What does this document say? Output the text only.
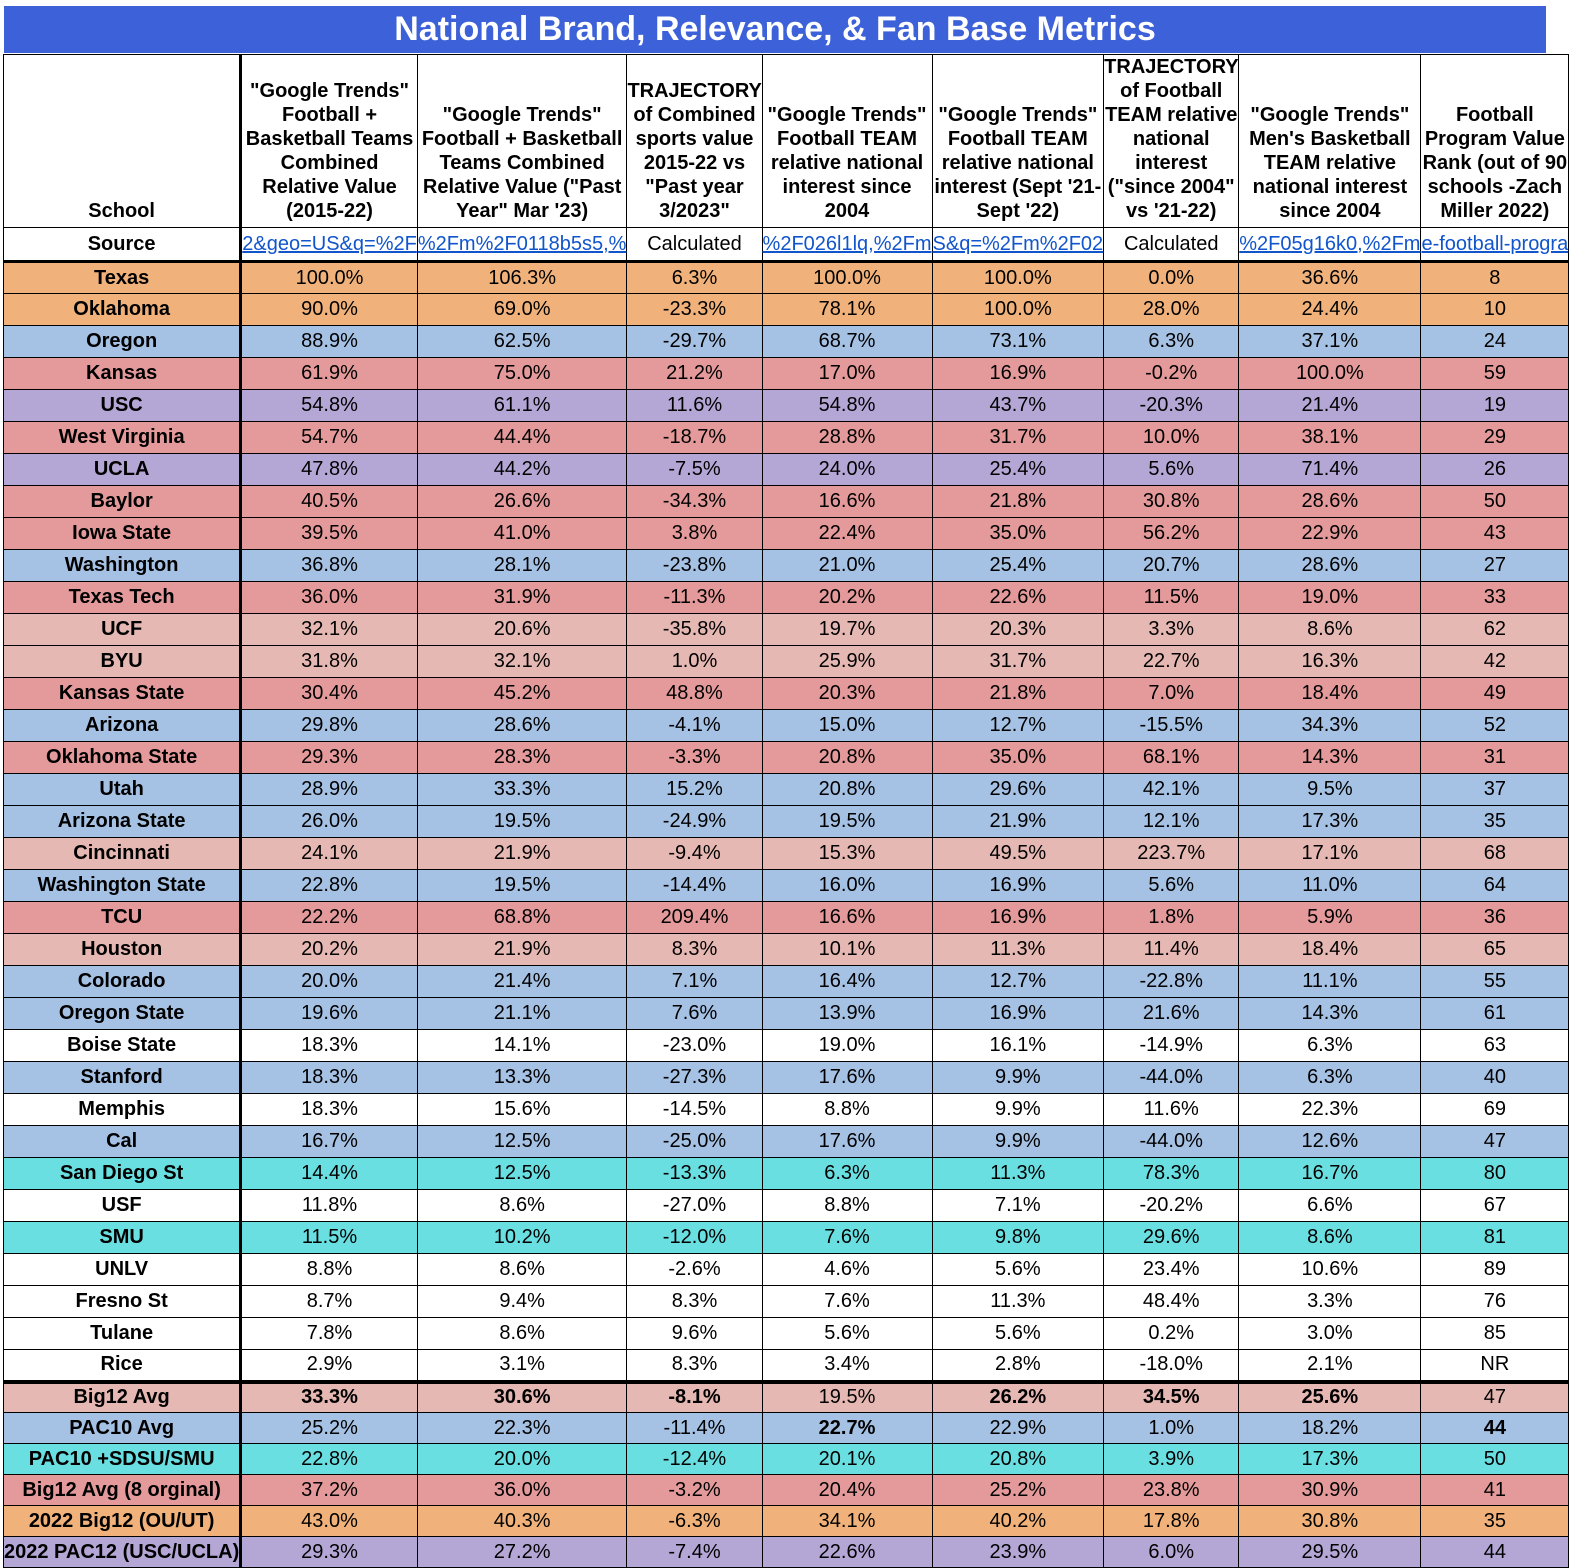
National Brand, Relevance, & Fan Base Metrics
School	"Google Trends" Football + Basketball Teams Combined Relative Value (2015-22)	"Google Trends" Football + Basketball Teams Combined Relative Value ("Past Year" Mar '23)	TRAJECTORY of Combined sports value 2015-22 vs "Past year 3/2023"	"Google Trends" Football TEAM relative national interest since 2004	"Google Trends" Football TEAM relative national interest (Sept '21-Sept '22)	TRAJECTORY of Football TEAM relative national interest ("since 2004" vs '21-22)	"Google Trends" Men's Basketball TEAM relative national interest since 2004	Football Program Value Rank (out of 90 schools -Zach Miller 2022)
Source	2&geo=US&q=%2F	%2Fm%2F0118b5s5,%	Calculated	%2F026l1lq,%2Fm	S&q=%2Fm%2F02	Calculated	%2F05g16k0,%2Fm	e-football-progra
Texas	100.0%	106.3%	6.3%	100.0%	100.0%	0.0%	36.6%	8
Oklahoma	90.0%	69.0%	-23.3%	78.1%	100.0%	28.0%	24.4%	10
Oregon	88.9%	62.5%	-29.7%	68.7%	73.1%	6.3%	37.1%	24
Kansas	61.9%	75.0%	21.2%	17.0%	16.9%	-0.2%	100.0%	59
USC	54.8%	61.1%	11.6%	54.8%	43.7%	-20.3%	21.4%	19
West Virginia	54.7%	44.4%	-18.7%	28.8%	31.7%	10.0%	38.1%	29
UCLA	47.8%	44.2%	-7.5%	24.0%	25.4%	5.6%	71.4%	26
Baylor	40.5%	26.6%	-34.3%	16.6%	21.8%	30.8%	28.6%	50
Iowa State	39.5%	41.0%	3.8%	22.4%	35.0%	56.2%	22.9%	43
Washington	36.8%	28.1%	-23.8%	21.0%	25.4%	20.7%	28.6%	27
Texas Tech	36.0%	31.9%	-11.3%	20.2%	22.6%	11.5%	19.0%	33
UCF	32.1%	20.6%	-35.8%	19.7%	20.3%	3.3%	8.6%	62
BYU	31.8%	32.1%	1.0%	25.9%	31.7%	22.7%	16.3%	42
Kansas State	30.4%	45.2%	48.8%	20.3%	21.8%	7.0%	18.4%	49
Arizona	29.8%	28.6%	-4.1%	15.0%	12.7%	-15.5%	34.3%	52
Oklahoma State	29.3%	28.3%	-3.3%	20.8%	35.0%	68.1%	14.3%	31
Utah	28.9%	33.3%	15.2%	20.8%	29.6%	42.1%	9.5%	37
Arizona State	26.0%	19.5%	-24.9%	19.5%	21.9%	12.1%	17.3%	35
Cincinnati	24.1%	21.9%	-9.4%	15.3%	49.5%	223.7%	17.1%	68
Washington State	22.8%	19.5%	-14.4%	16.0%	16.9%	5.6%	11.0%	64
TCU	22.2%	68.8%	209.4%	16.6%	16.9%	1.8%	5.9%	36
Houston	20.2%	21.9%	8.3%	10.1%	11.3%	11.4%	18.4%	65
Colorado	20.0%	21.4%	7.1%	16.4%	12.7%	-22.8%	11.1%	55
Oregon State	19.6%	21.1%	7.6%	13.9%	16.9%	21.6%	14.3%	61
Boise State	18.3%	14.1%	-23.0%	19.0%	16.1%	-14.9%	6.3%	63
Stanford	18.3%	13.3%	-27.3%	17.6%	9.9%	-44.0%	6.3%	40
Memphis	18.3%	15.6%	-14.5%	8.8%	9.9%	11.6%	22.3%	69
Cal	16.7%	12.5%	-25.0%	17.6%	9.9%	-44.0%	12.6%	47
San Diego St	14.4%	12.5%	-13.3%	6.3%	11.3%	78.3%	16.7%	80
USF	11.8%	8.6%	-27.0%	8.8%	7.1%	-20.2%	6.6%	67
SMU	11.5%	10.2%	-12.0%	7.6%	9.8%	29.6%	8.6%	81
UNLV	8.8%	8.6%	-2.6%	4.6%	5.6%	23.4%	10.6%	89
Fresno St	8.7%	9.4%	8.3%	7.6%	11.3%	48.4%	3.3%	76
Tulane	7.8%	8.6%	9.6%	5.6%	5.6%	0.2%	3.0%	85
Rice	2.9%	3.1%	8.3%	3.4%	2.8%	-18.0%	2.1%	NR
Big12 Avg	33.3%	30.6%	-8.1%	19.5%	26.2%	34.5%	25.6%	47
PAC10 Avg	25.2%	22.3%	-11.4%	22.7%	22.9%	1.0%	18.2%	44
PAC10 +SDSU/SMU	22.8%	20.0%	-12.4%	20.1%	20.8%	3.9%	17.3%	50
Big12 Avg (8 orginal)	37.2%	36.0%	-3.2%	20.4%	25.2%	23.8%	30.9%	41
2022 Big12 (OU/UT)	43.0%	40.3%	-6.3%	34.1%	40.2%	17.8%	30.8%	35
2022 PAC12 (USC/UCLA)	29.3%	27.2%	-7.4%	22.6%	23.9%	6.0%	29.5%	44
